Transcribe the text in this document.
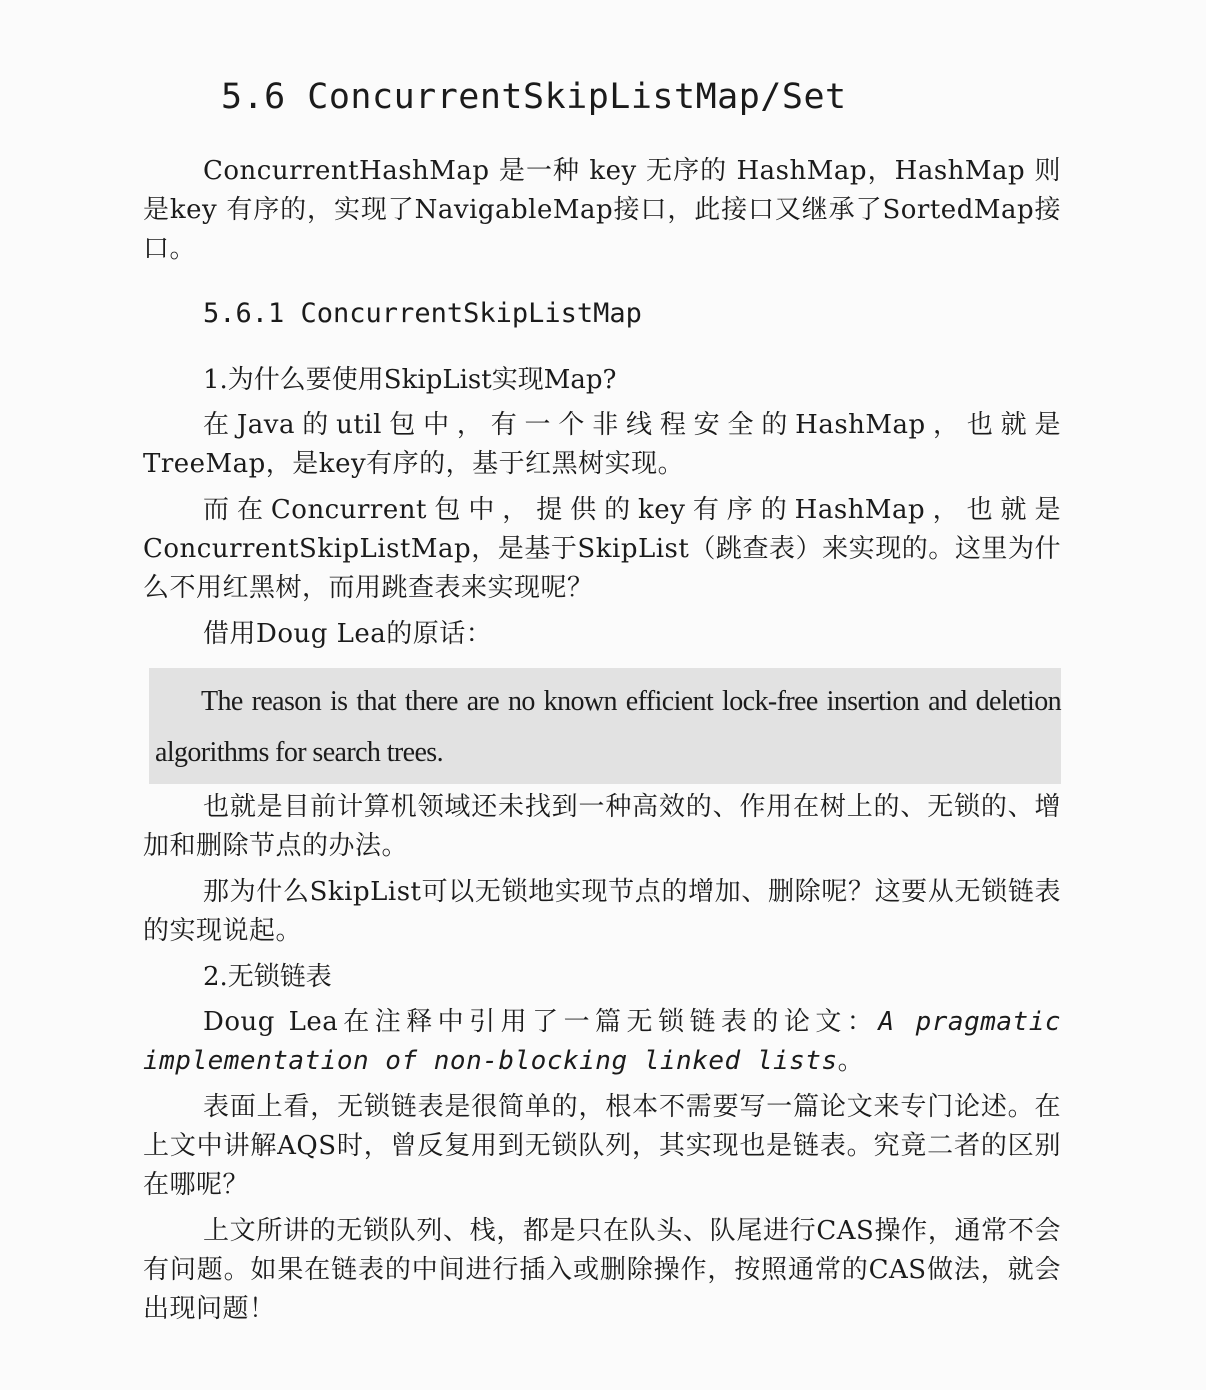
5.6 ConcurrentSkipListMap/Set

ConcurrentHashMap 是一种 key 无序的 HashMap，HashMap 则是key 有序的，实现了NavigableMap接口，此接口又继承了SortedMap接口。

5.6.1 ConcurrentSkipListMap
1.为什么要使用SkipList实现Map?

在Java的util包中，有一个非线程安全的HashMap，也就是TreeMap，是key有序的，基于红黑树实现。

而在Concurrent包中，提供的key有序的HashMap，也就是ConcurrentSkipListMap，是基于SkipList（跳查表）来实现的。这里为什么不用红黑树，而用跳查表来实现呢？

借用Doug Lea的原话：

The reason is that there are no known efficient lock-free insertion and deletion algorithms for search trees.

也就是目前计算机领域还未找到一种高效的、作用在树上的、无锁的、增加和删除节点的办法。

那为什么SkipList可以无锁地实现节点的增加、删除呢？这要从无锁链表的实现说起。

2.无锁链表

Doug Lea在注释中引用了一篇无锁链表的论文：A pragmatic implementation of non-blocking linked lists。

表面上看，无锁链表是很简单的，根本不需要写一篇论文来专门论述。在上文中讲解AQS时，曾反复用到无锁队列，其实现也是链表。究竟二者的区别在哪呢？

上文所讲的无锁队列、栈，都是只在队头、队尾进行CAS操作，通常不会有问题。如果在链表的中间进行插入或删除操作，按照通常的CAS做法，就会出现问题！
